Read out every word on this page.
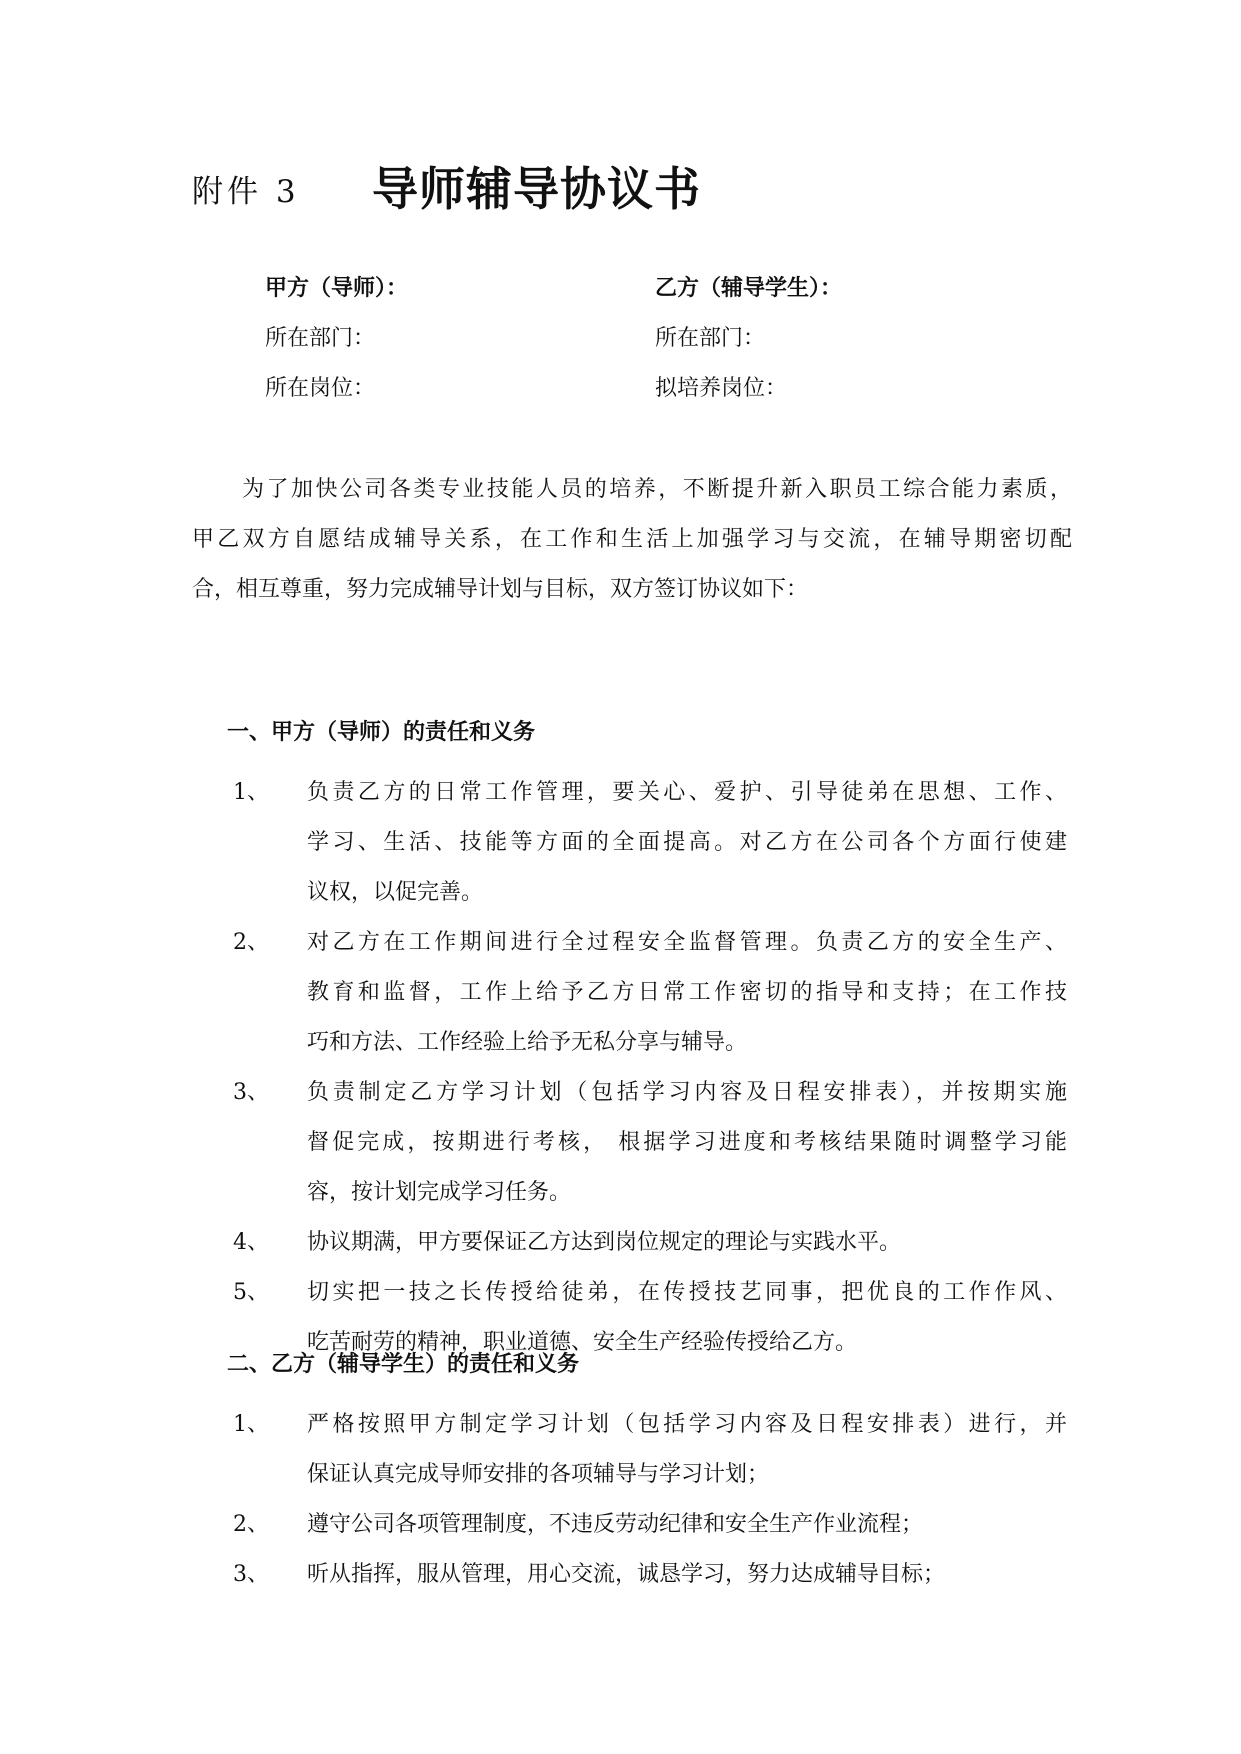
附件 3 导师辅导协议书
甲方（导师）：
所在部门：
所在岗位：
乙方（辅导学生）：
所在部门：
拟培养岗位：
为了加快公司各类专业技能人员的培养，不断提升新入职员工综合能力素质，
甲乙双方自愿结成辅导关系，在工作和生活上加强学习与交流，在辅导期密切配
合，相互尊重，努力完成辅导计划与目标，双方签订协议如下：
一、甲方（导师）的责任和义务
1、 负责乙方的日常工作管理，要关心、爱护、引导徒弟在思想、工作、
学习、生活、技能等方面的全面提高。对乙方在公司各个方面行使建
议权，以促完善。
2、 对乙方在工作期间进行全过程安全监督管理。负责乙方的安全生产、
教育和监督，工作上给予乙方日常工作密切的指导和支持；在工作技
巧和方法、工作经验上给予无私分享与辅导。
3、 负责制定乙方学习计划（包括学习内容及日程安排表），并按期实施
督促完成，按期进行考核， 根据学习进度和考核结果随时调整学习能
容，按计划完成学习任务。
4、 协议期满，甲方要保证乙方达到岗位规定的理论与实践水平。
5、 切实把一技之长传授给徒弟，在传授技艺同事，把优良的工作作风、
吃苦耐劳的精神，职业道德、安全生产经验传授给乙方。
二、乙方（辅导学生）的责任和义务
1、 严格按照甲方制定学习计划（包括学习内容及日程安排表）进行，并
保证认真完成导师安排的各项辅导与学习计划；
2、 遵守公司各项管理制度，不违反劳动纪律和安全生产作业流程；
3、 听从指挥，服从管理，用心交流，诚恳学习，努力达成辅导目标；
